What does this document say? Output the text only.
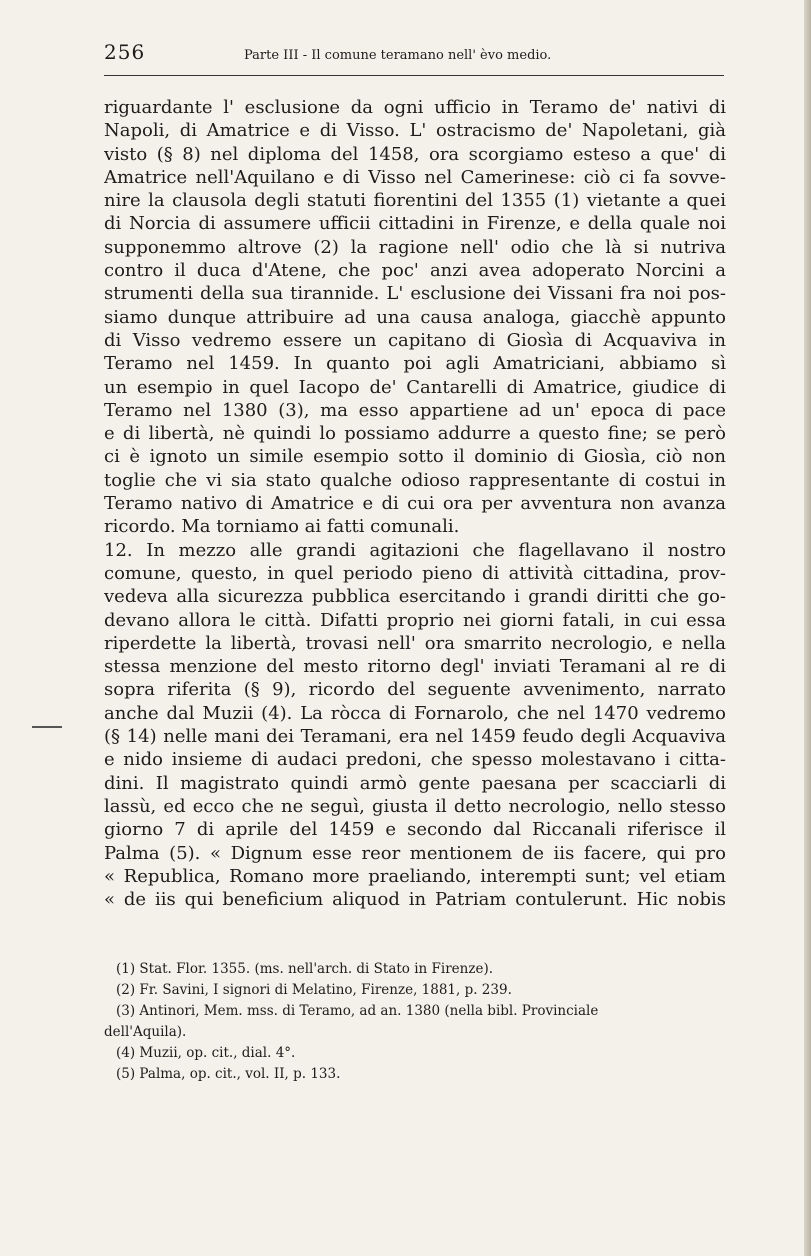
256	Parte III - Il comune teramano nell' èvo medio.
riguardante l' esclusione da ogni ufficio in Teramo de' nativi di
Napoli, di Amatrice e di Visso. L' ostracismo de' Napoletani, già
visto (§ 8) nel diploma del 1458, ora scorgiamo esteso a que' di
Amatrice nell'Aquilano e di Visso nel Camerinese: ciò ci fa sovve-
nire la clausola degli statuti fiorentini del 1355 (1) vietante a quei
di Norcia di assumere ufficii cittadini in Firenze, e della quale noi
supponemmo altrove (2) la ragione nell' odio che là si nutriva
contro il duca d'Atene, che poc' anzi avea adoperato Norcini a
strumenti della sua tirannide. L' esclusione dei Vissani fra noi pos-
siamo dunque attribuire ad una causa analoga, giacchè appunto
di Visso vedremo essere un capitano di Giosìa di Acquaviva in
Teramo nel 1459. In quanto poi agli Amatriciani, abbiamo sì
un esempio in quel Iacopo de' Cantarelli di Amatrice, giudice di
Teramo nel 1380 (3), ma esso appartiene ad un' epoca di pace
e di libertà, nè quindi lo possiamo addurre a questo fine; se però
ci è ignoto un simile esempio sotto il dominio di Giosìa, ciò non
toglie che vi sia stato qualche odioso rappresentante di costui in
Teramo nativo di Amatrice e di cui ora per avventura non avanza
ricordo. Ma torniamo ai fatti comunali.
12. In mezzo alle grandi agitazioni che flagellavano il nostro
comune, questo, in quel periodo pieno di attività cittadina, prov-
vedeva alla sicurezza pubblica esercitando i grandi diritti che go-
devano allora le città. Difatti proprio nei giorni fatali, in cui essa
riperdette la libertà, trovasi nell' ora smarrito necrologio, e nella
stessa menzione del mesto ritorno degl' inviati Teramani al re di
sopra riferita (§ 9), ricordo del seguente avvenimento, narrato
anche dal Muzii (4). La ròcca di Fornarolo, che nel 1470 vedremo
(§ 14) nelle mani dei Teramani, era nel 1459 feudo degli Acquaviva
e nido insieme di audaci predoni, che spesso molestavano i citta-
dini. Il magistrato quindi armò gente paesana per scacciarli di
lassù, ed ecco che ne seguì, giusta il detto necrologio, nello stesso
giorno 7 di aprile del 1459 e secondo dal Riccanali riferisce il
Palma (5). « Dignum esse reor mentionem de iis facere, qui pro
« Republica, Romano more praeliando, interempti sunt; vel etiam
« de iis qui beneficium aliquod in Patriam contulerunt. Hic nobis
(1) Stat. Flor. 1355. (ms. nell'arch. di Stato in Firenze).
(2) Fr. Savini, I signori di Melatino, Firenze, 1881, p. 239.
(3) Antinori, Mem. mss. di Teramo, ad an. 1380 (nella bibl. Provinciale
dell'Aquila).
(4) Muzii, op. cit., dial. 4°.
(5) Palma, op. cit., vol. II, p. 133.
